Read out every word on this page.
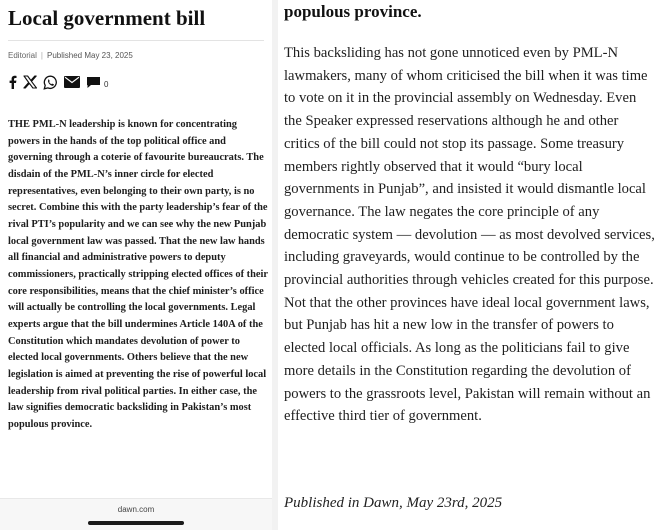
Local government bill
Editorial | Published May 23, 2025
0

THE PML-N leadership is known for concentrating powers in the hands of the top political office and governing through a coterie of favourite bureaucrats. The disdain of the PML-N’s inner circle for elected representatives, even belonging to their own party, is no secret. Combine this with the party leadership’s fear of the rival PTI’s popularity and we can see why the new Punjab local government law was passed. That the new law hands all financial and administrative powers to deputy commissioners, practically stripping elected offices of their core responsibilities, means that the chief minister’s office will actually be controlling the local governments. Legal experts argue that the bill undermines Article 140A of the Constitution which mandates devolution of power to elected local governments. Others believe that the new legislation is aimed at preventing the rise of powerful local leadership from rival political parties. In either case, the law signifies democratic backsliding in Pakistan’s most populous province.

dawn.com

populous province.

This backsliding has not gone unnoticed even by PML-N lawmakers, many of whom criticised the bill when it was time to vote on it in the provincial assembly on Wednesday. Even the Speaker expressed reservations although he and other critics of the bill could not stop its passage. Some treasury members rightly observed that it would “bury local governments in Punjab”, and insisted it would dismantle local governance. The law negates the core principle of any democratic system — devolution — as most devolved services, including graveyards, would continue to be controlled by the provincial authorities through vehicles created for this purpose. Not that the other provinces have ideal local government laws, but Punjab has hit a new low in the transfer of powers to elected local officials. As long as the politicians fail to give more details in the Constitution regarding the devolution of powers to the grassroots level, Pakistan will remain without an effective third tier of government.

Published in Dawn, May 23rd, 2025
